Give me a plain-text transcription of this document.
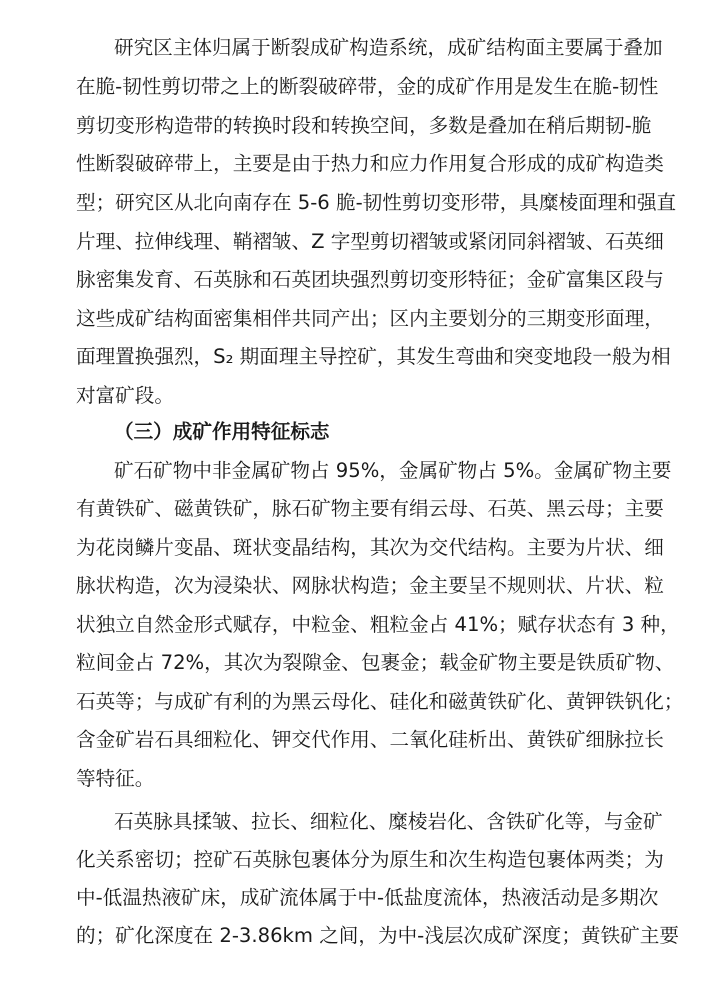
研究区主体归属于断裂成矿构造系统，成矿结构面主要属于叠加
在脆-韧性剪切带之上的断裂破碎带，金的成矿作用是发生在脆-韧性
剪切变形构造带的转换时段和转换空间，多数是叠加在稍后期韧-脆
性断裂破碎带上，主要是由于热力和应力作用复合形成的成矿构造类
型；研究区从北向南存在 5-6 脆-韧性剪切变形带，具糜棱面理和强直
片理、拉伸线理、鞘褶皱、Z 字型剪切褶皱或紧闭同斜褶皱、石英细
脉密集发育、石英脉和石英团块强烈剪切变形特征；金矿富集区段与
这些成矿结构面密集相伴共同产出；区内主要划分的三期变形面理，
面理置换强烈，S₂ 期面理主导控矿，其发生弯曲和突变地段一般为相
对富矿段。
（三）成矿作用特征标志
矿石矿物中非金属矿物占 95%，金属矿物占 5%。金属矿物主要
有黄铁矿、磁黄铁矿，脉石矿物主要有绢云母、石英、黑云母；主要
为花岗鳞片变晶、斑状变晶结构，其次为交代结构。主要为片状、细
脉状构造，次为浸染状、网脉状构造；金主要呈不规则状、片状、粒
状独立自然金形式赋存，中粒金、粗粒金占 41%；赋存状态有 3 种，
粒间金占 72%，其次为裂隙金、包裹金；载金矿物主要是铁质矿物、
石英等；与成矿有利的为黑云母化、硅化和磁黄铁矿化、黄钾铁钒化；
含金矿岩石具细粒化、钾交代作用、二氧化硅析出、黄铁矿细脉拉长
等特征。
石英脉具揉皱、拉长、细粒化、糜棱岩化、含铁矿化等，与金矿
化关系密切；控矿石英脉包裹体分为原生和次生构造包裹体两类；为
中-低温热液矿床，成矿流体属于中-低盐度流体，热液活动是多期次
的；矿化深度在 2-3.86km 之间，为中-浅层次成矿深度；黄铁矿主要
